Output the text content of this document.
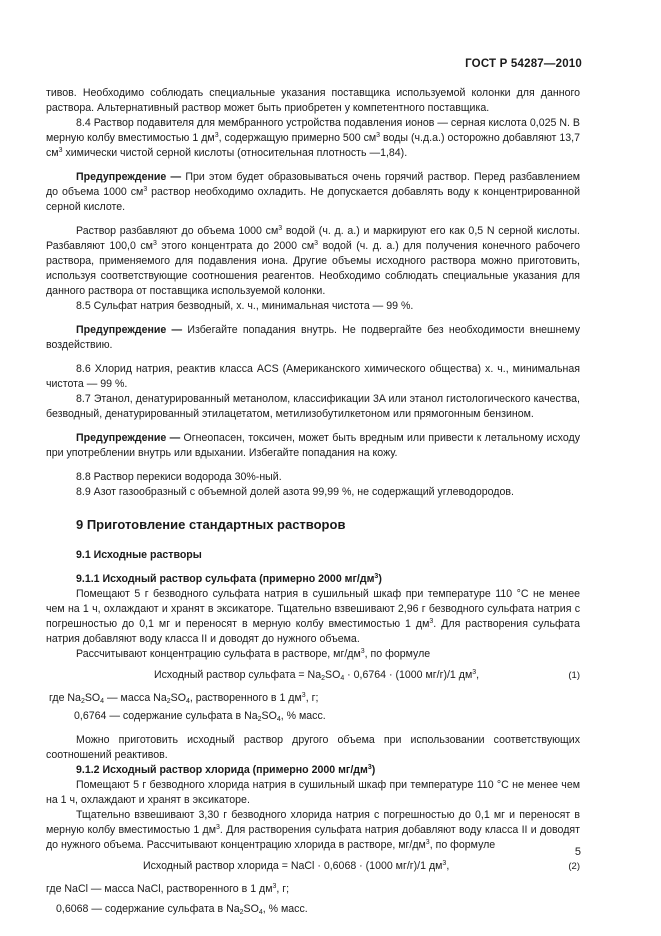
ГОСТ Р 54287—2010

тивов. Необходимо соблюдать специальные указания поставщика используемой колонки для данного раствора. Альтернативный раствор может быть приобретен у компетентного поставщика.

8.4 Раствор подавителя для мембранного устройства подавления ионов — серная кислота 0,025 N. В мерную колбу вместимостью 1 $дм^3$, содержащую примерно 500 $см^3$ воды (ч.д.а.) осторожно добавляют 13,7 $см^3$ химически чистой серной кислоты (относительная плотность —1,84).

Предупреждение — При этом будет образовываться очень горячий раствор. Перед разбавлением до объема 1000 $см^3$ раствор необходимо охладить. Не допускается добавлять воду к концентрированной серной кислоте.

Раствор разбавляют до объема 1000 $см^3$ водой (ч. д. а.) и маркируют его как 0,5 N серной кислоты. Разбавляют 100,0 $см^3$ этого концентрата до 2000 $см^3$ водой (ч. д. а.) для получения конечного рабочего раствора, применяемого для подавления иона. Другие объемы исходного раствора можно приготовить, используя соответствующие соотношения реагентов. Необходимо соблюдать специальные указания для данного раствора от поставщика используемой колонки.

8.5 Сульфат натрия безводный, х. ч., минимальная чистота — 99 %.

Предупреждение — Избегайте попадания внутрь. Не подвергайте без необходимости внешнему воздействию.

8.6 Хлорид натрия, реактив класса ACS (Американского химического общества) х. ч., минимальная чистота — 99 %.

8.7 Этанол, денатурированный метанолом, классификации 3A или этанол гистологического качества, безводный, денатурированный этилацетатом, метилизобутилкетоном или прямогонным бензином.

Предупреждение — Огнеопасен, токсичен, может быть вредным или привести к летальному исходу при употреблении внутрь или вдыхании. Избегайте попадания на кожу.

8.8 Раствор перекиси водорода 30%-ный.

8.9 Азот газообразный с объемной долей азота 99,99 %, не содержащий углеводородов.

9 Приготовление стандартных растворов

9.1 Исходные растворы

9.1.1 Исходный раствор сульфата (примерно 2000 $мг/дм^3$)

Помещают 5 г безводного сульфата натрия в сушильный шкаф при температуре 110 °С не менее чем на 1 ч, охлаждают и хранят в эксикаторе. Тщательно взвешивают 2,96 г безводного сульфата натрия с погрешностью до 0,1 мг и переносят в мерную колбу вместимостью 1 $дм^3$. Для растворения сульфата натрия добавляют воду класса II и доводят до нужного объема.

Рассчитывают концентрацию сульфата в растворе, $мг/дм^3$, по формуле

Исходный раствор сульфата = $Na_2SO_4 \cdot 0,6764 \cdot (1000$ мг/г)/1 $дм^3$,	(1)

где $Na_2SO_4$ — масса $Na_2SO_4$, растворенного в 1 $дм^3$, г;

0,6764 — содержание сульфата в $Na_2SO_4$, % масс.

Можно приготовить исходный раствор другого объема при использовании соответствующих соотношений реактивов.

9.1.2 Исходный раствор хлорида (примерно 2000 $мг/дм^3$)

Помещают 5 г безводного хлорида натрия в сушильный шкаф при температуре 110 °С не менее чем на 1 ч, охлаждают и хранят в эксикаторе.

Тщательно взвешивают 3,30 г безводного хлорида натрия с погрешностью до 0,1 мг и переносят в мерную колбу вместимостью 1 $дм^3$. Для растворения сульфата натрия добавляют воду класса II и доводят до нужного объема. Рассчитывают концентрацию хлорида в растворе, $мг/дм^3$, по формуле

Исходный раствор хлорида = NaCl · 0,6068 · (1000 мг/г)/1 $дм^3$,	(2)

где NaCl — масса NaCl, растворенного в 1 $дм^3$, г;

0,6068 — содержание сульфата в $Na_2SO_4$, % масс.

5
